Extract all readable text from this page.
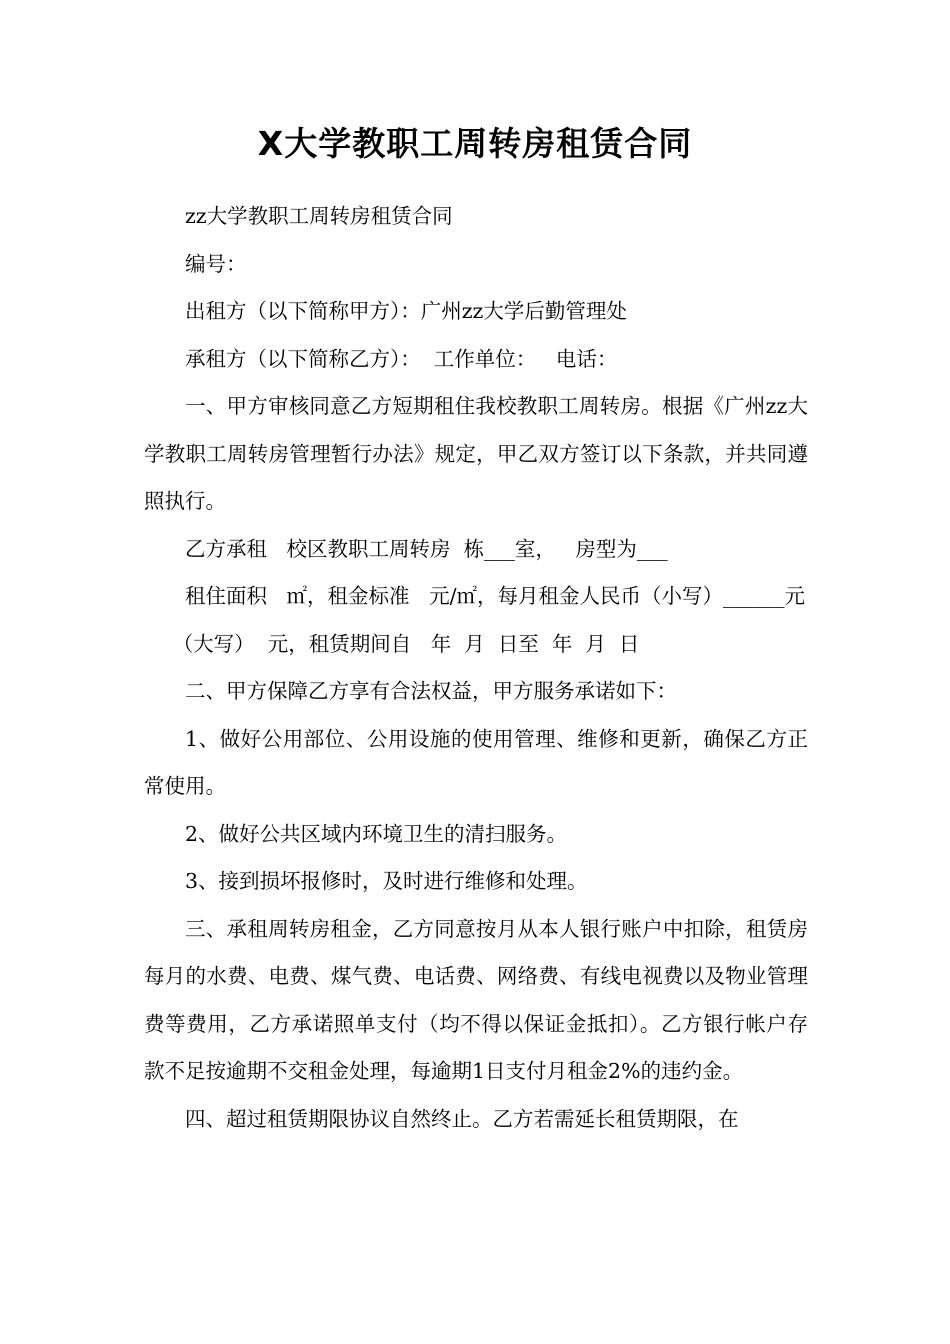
X大学教职工周转房租赁合同

zz大学教职工周转房租赁合同

编号：

出租方（以下简称甲方）：广州zz大学后勤管理处

承租方（以下简称乙方）：  工作单位：   电话：

一、甲方审核同意乙方短期租住我校教职工周转房。根据《广州zz大学教职工周转房管理暂行办法》规定，甲乙双方签订以下条款，并共同遵照执行。

乙方承租   校区教职工周转房  栋___室，   房型为___

租住面积   ㎡，租金标准   元/㎡，每月租金人民币（小写）______元

（大写）  元，租赁期间自   年  月  日至  年  月  日

二、甲方保障乙方享有合法权益，甲方服务承诺如下：

1、做好公用部位、公用设施的使用管理、维修和更新，确保乙方正常使用。

2、做好公共区域内环境卫生的清扫服务。

3、接到损坏报修时，及时进行维修和处理。

三、承租周转房租金，乙方同意按月从本人银行账户中扣除，租赁房每月的水费、电费、煤气费、电话费、网络费、有线电视费以及物业管理费等费用，乙方承诺照单支付（均不得以保证金抵扣）。乙方银行帐户存款不足按逾期不交租金处理，每逾期1日支付月租金2%的违约金。

四、超过租赁期限协议自然终止。乙方若需延长租赁期限，在
